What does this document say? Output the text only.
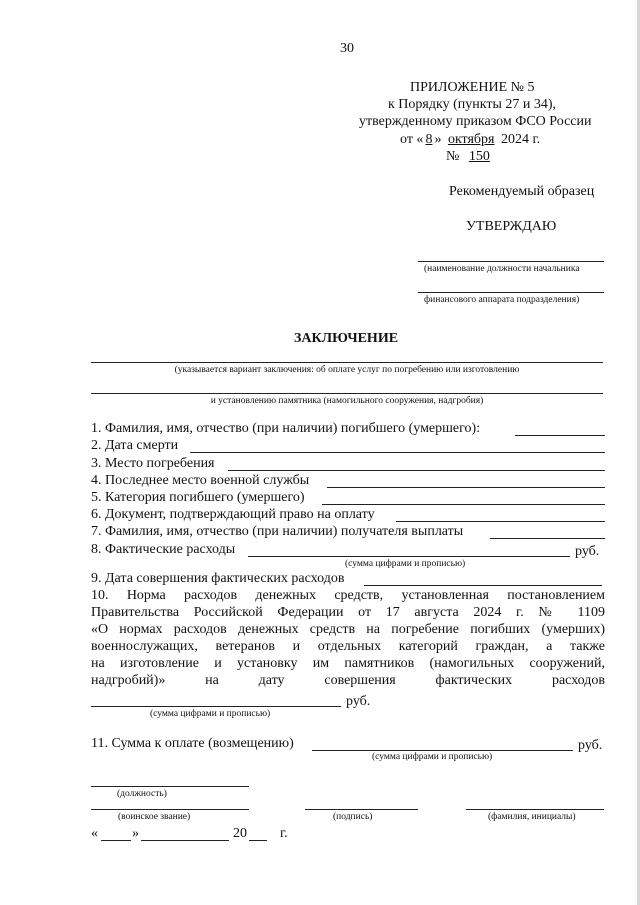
30
ПРИЛОЖЕНИЕ № 5
к Порядку (пункты 27 и 34),
утвержденному приказом ФСО России
от « 8 » октября 2024 г.
№ 150
Рекомендуемый образец
УТВЕРЖДАЮ
(наименование должности начальника
финансового аппарата подразделения)
ЗАКЛЮЧЕНИЕ
(указывается вариант заключения: об оплате услуг по погребению или изготовлению
и установлению памятника (намогильного сооружения, надгробия)
1. Фамилия, имя, отчество (при наличии) погибшего (умершего):
2. Дата смерти
3. Место погребения
4. Последнее место военной службы
5. Категория погибшего (умершего)
6. Документ, подтверждающий право на оплату
7. Фамилия, имя, отчество (при наличии) получателя выплаты
8. Фактические расходы	руб.
(сумма цифрами и прописью)
9. Дата совершения фактических расходов
10. Норма расходов денежных средств, установленная постановлением
Правительства Российской Федерации от 17 августа 2024 г. № 1109
«О нормах расходов денежных средств на погребение погибших (умерших)
военнослужащих, ветеранов и отдельных категорий граждан, а также
на изготовление и установку им памятников (намогильных сооружений,
надгробий)» на дату совершения фактических расходов
руб.
(сумма цифрами и прописью)
11. Сумма к оплате (возмещению)	руб.
(сумма цифрами и прописью)
(должность)
(воинское звание)	(подпись)	(фамилия, инициалы)
« »	20 г.
